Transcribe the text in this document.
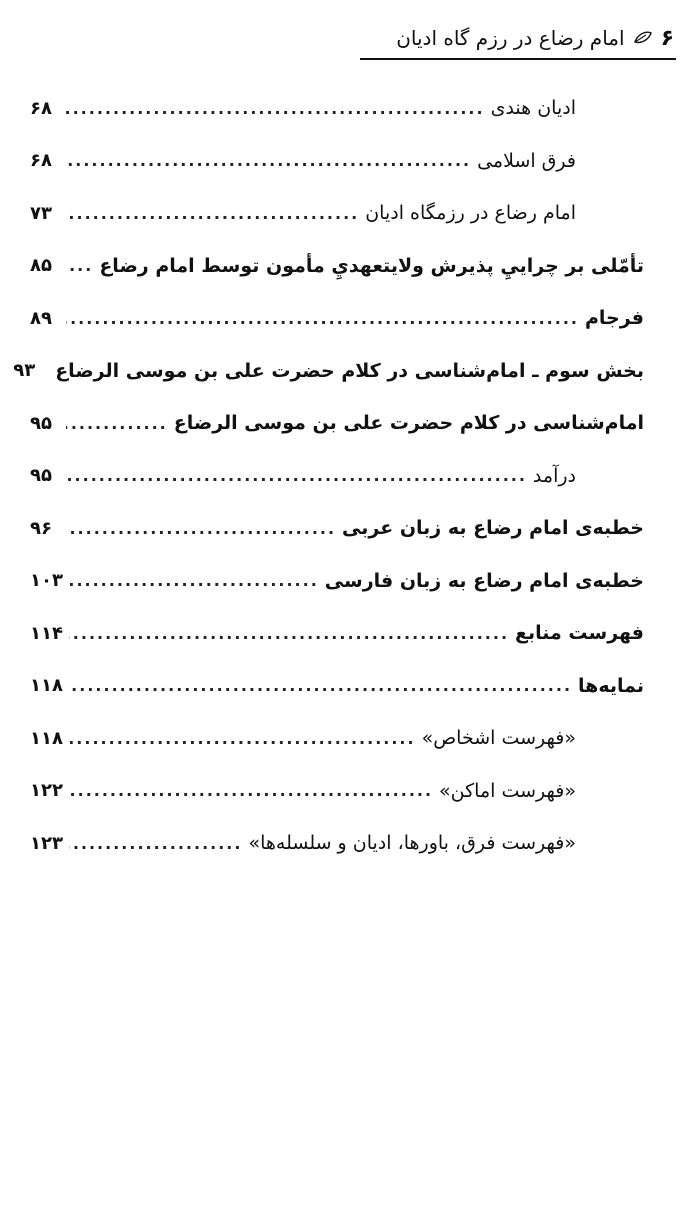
۶
امام رضاع در رزم گاه ادیان
ادیان هندی
.....
۶۸
فرق اسلامی
.....
۶۸
امام رضاع در رزمگاه ادیان
.....
۷۳
تأمّلی بر چرایيِ پذیرش ولایتعهديِ مأمون توسط امام رضاع
.....
۸۵
فرجام
.....
۸۹
بخش سوم ـ امام‌شناسی در کلام حضرت علی بن موسی الرضاع
۹۳
امام‌شناسی در کلام حضرت علی بن موسی الرضاع
.....
۹۵
درآمد
.....
۹۵
خطبه‌ی امام رضاع به زبان عربی
.....
۹۶
خطبه‌ی امام رضاع به زبان فارسی
.....
۱۰۳
فهرست منابع
.....
۱۱۴
نمایه‌ها
.....
۱۱۸
«فهرست اشخاص»
.....
۱۱۸
«فهرست اماکن»
.....
۱۲۲
«فهرست فرق، باورها، ادیان و سلسله‌ها»
.....
۱۲۳
